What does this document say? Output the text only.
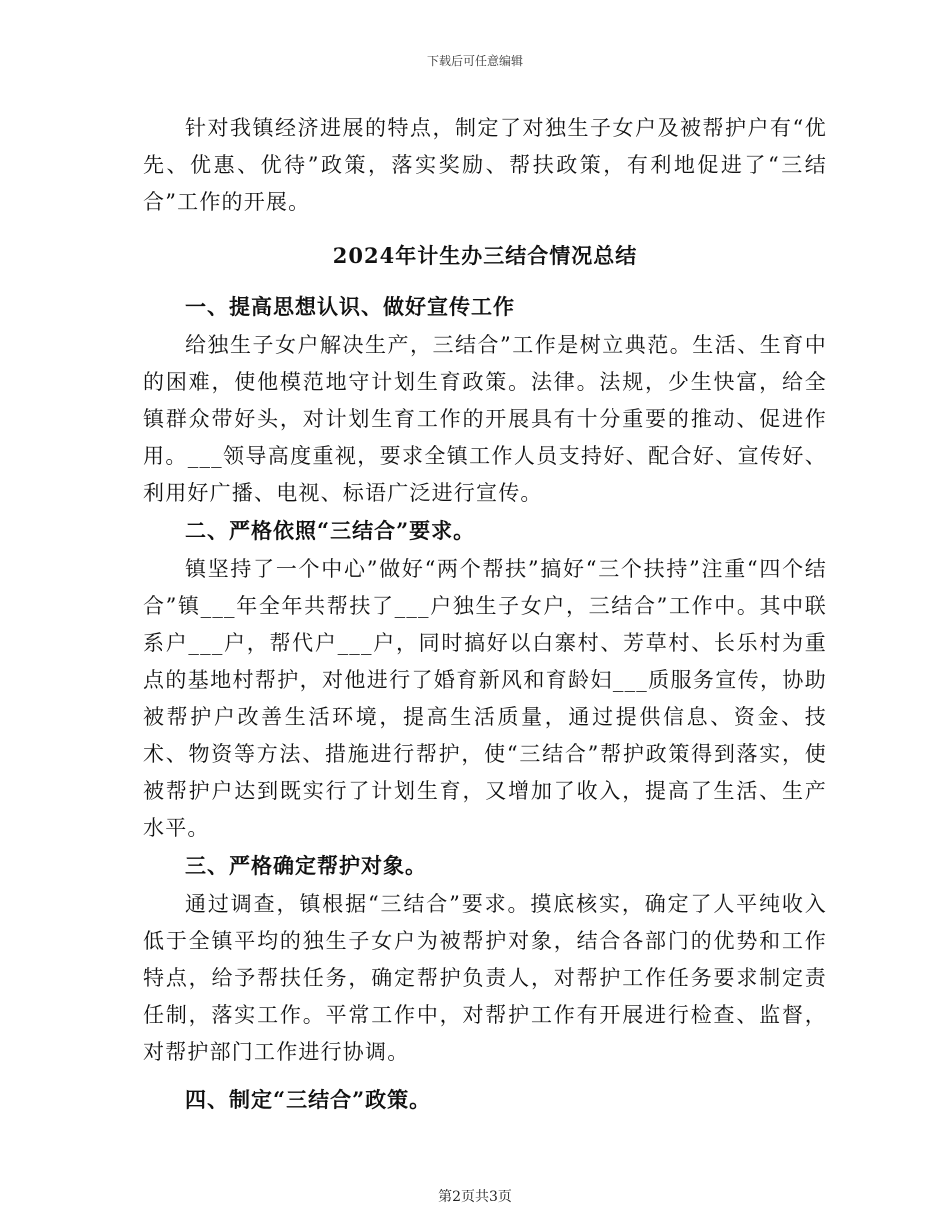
下载后可任意编辑

针对我镇经济进展的特点，制定了对独生子女户及被帮护户有“优先、优惠、优待”政策，落实奖励、帮扶政策，有利地促进了“三结合”工作的开展。

2024年计生办三结合情况总结
一、提高思想认识、做好宣传工作

给独生子女户解决生产，三结合”工作是树立典范。生活、生育中的困难，使他模范地守计划生育政策。法律。法规，少生快富，给全镇群众带好头，对计划生育工作的开展具有十分重要的推动、促进作用。___领导高度重视，要求全镇工作人员支持好、配合好、宣传好、利用好广播、电视、标语广泛进行宣传。

二、严格依照“三结合”要求。

镇坚持了一个中心”做好“两个帮扶”搞好“三个扶持”注重“四个结合”镇___年全年共帮扶了___户独生子女户，三结合”工作中。其中联系户___户，帮代户___户，同时搞好以白寨村、芳草村、长乐村为重点的基地村帮护，对他进行了婚育新风和育龄妇___质服务宣传，协助被帮护户改善生活环境，提高生活质量，通过提供信息、资金、技术、物资等方法、措施进行帮护，使“三结合”帮护政策得到落实，使被帮护户达到既实行了计划生育，又增加了收入，提高了生活、生产水平。

三、严格确定帮护对象。

通过调查，镇根据“三结合”要求。摸底核实，确定了人平纯收入低于全镇平均的独生子女户为被帮护对象，结合各部门的优势和工作特点，给予帮扶任务，确定帮护负责人，对帮护工作任务要求制定责任制，落实工作。平常工作中，对帮护工作有开展进行检查、监督，对帮护部门工作进行协调。

四、制定“三结合”政策。
第2页共3页
